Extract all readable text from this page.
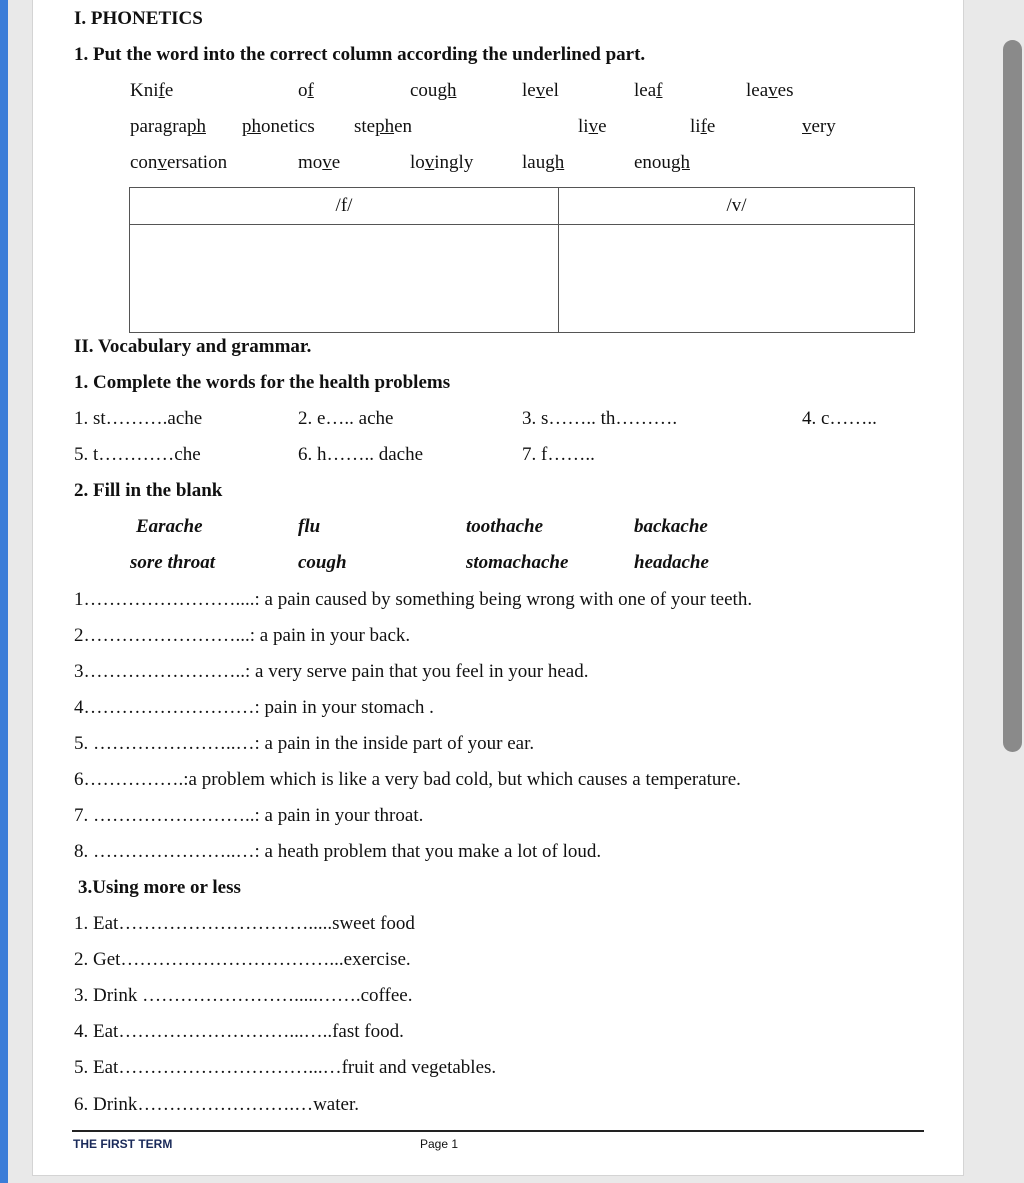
I. PHONETICS
1. Put the word into the correct column according the underlined part.
Knife	of	cough	level	leaf	leaves
paragraph phonetics stephen	live	life	very
conversation	move	lovingly	laugh	enough
/f/	/v/

II. Vocabulary and grammar.
1. Complete the words for the health problems
1. st……….ache	2. e….. ache	3. s…….. th……….	4. c……..
5. t…………che	6. h…….. dache	7. f……..
2. Fill in the blank
Earache	flu	toothache	backache
sore throat	cough	stomachache	headache
1……………………....: a pain caused by something being wrong with one of your teeth.
2……………………...: a pain in your back.
3……………………..: a very serve pain that you feel in your head.
4………………………: pain in your stomach .
5. …………………..…: a pain in the inside part of your ear.
6…………….:a problem which is like a very bad cold, but which causes a temperature.
7. ……………………..: a pain in your throat.
8. …………………..…: a heath problem that you make a lot of loud.
3.Using more or less
1. Eat………………………….....sweet food
2. Get……………………………...exercise.
3. Drink …………………….....…….coffee.
4. Eat………………………...…..fast food.
5. Eat…………………………...…fruit and vegetables.
6. Drink…………………….…water.
THE FIRST TERM	Page 1
